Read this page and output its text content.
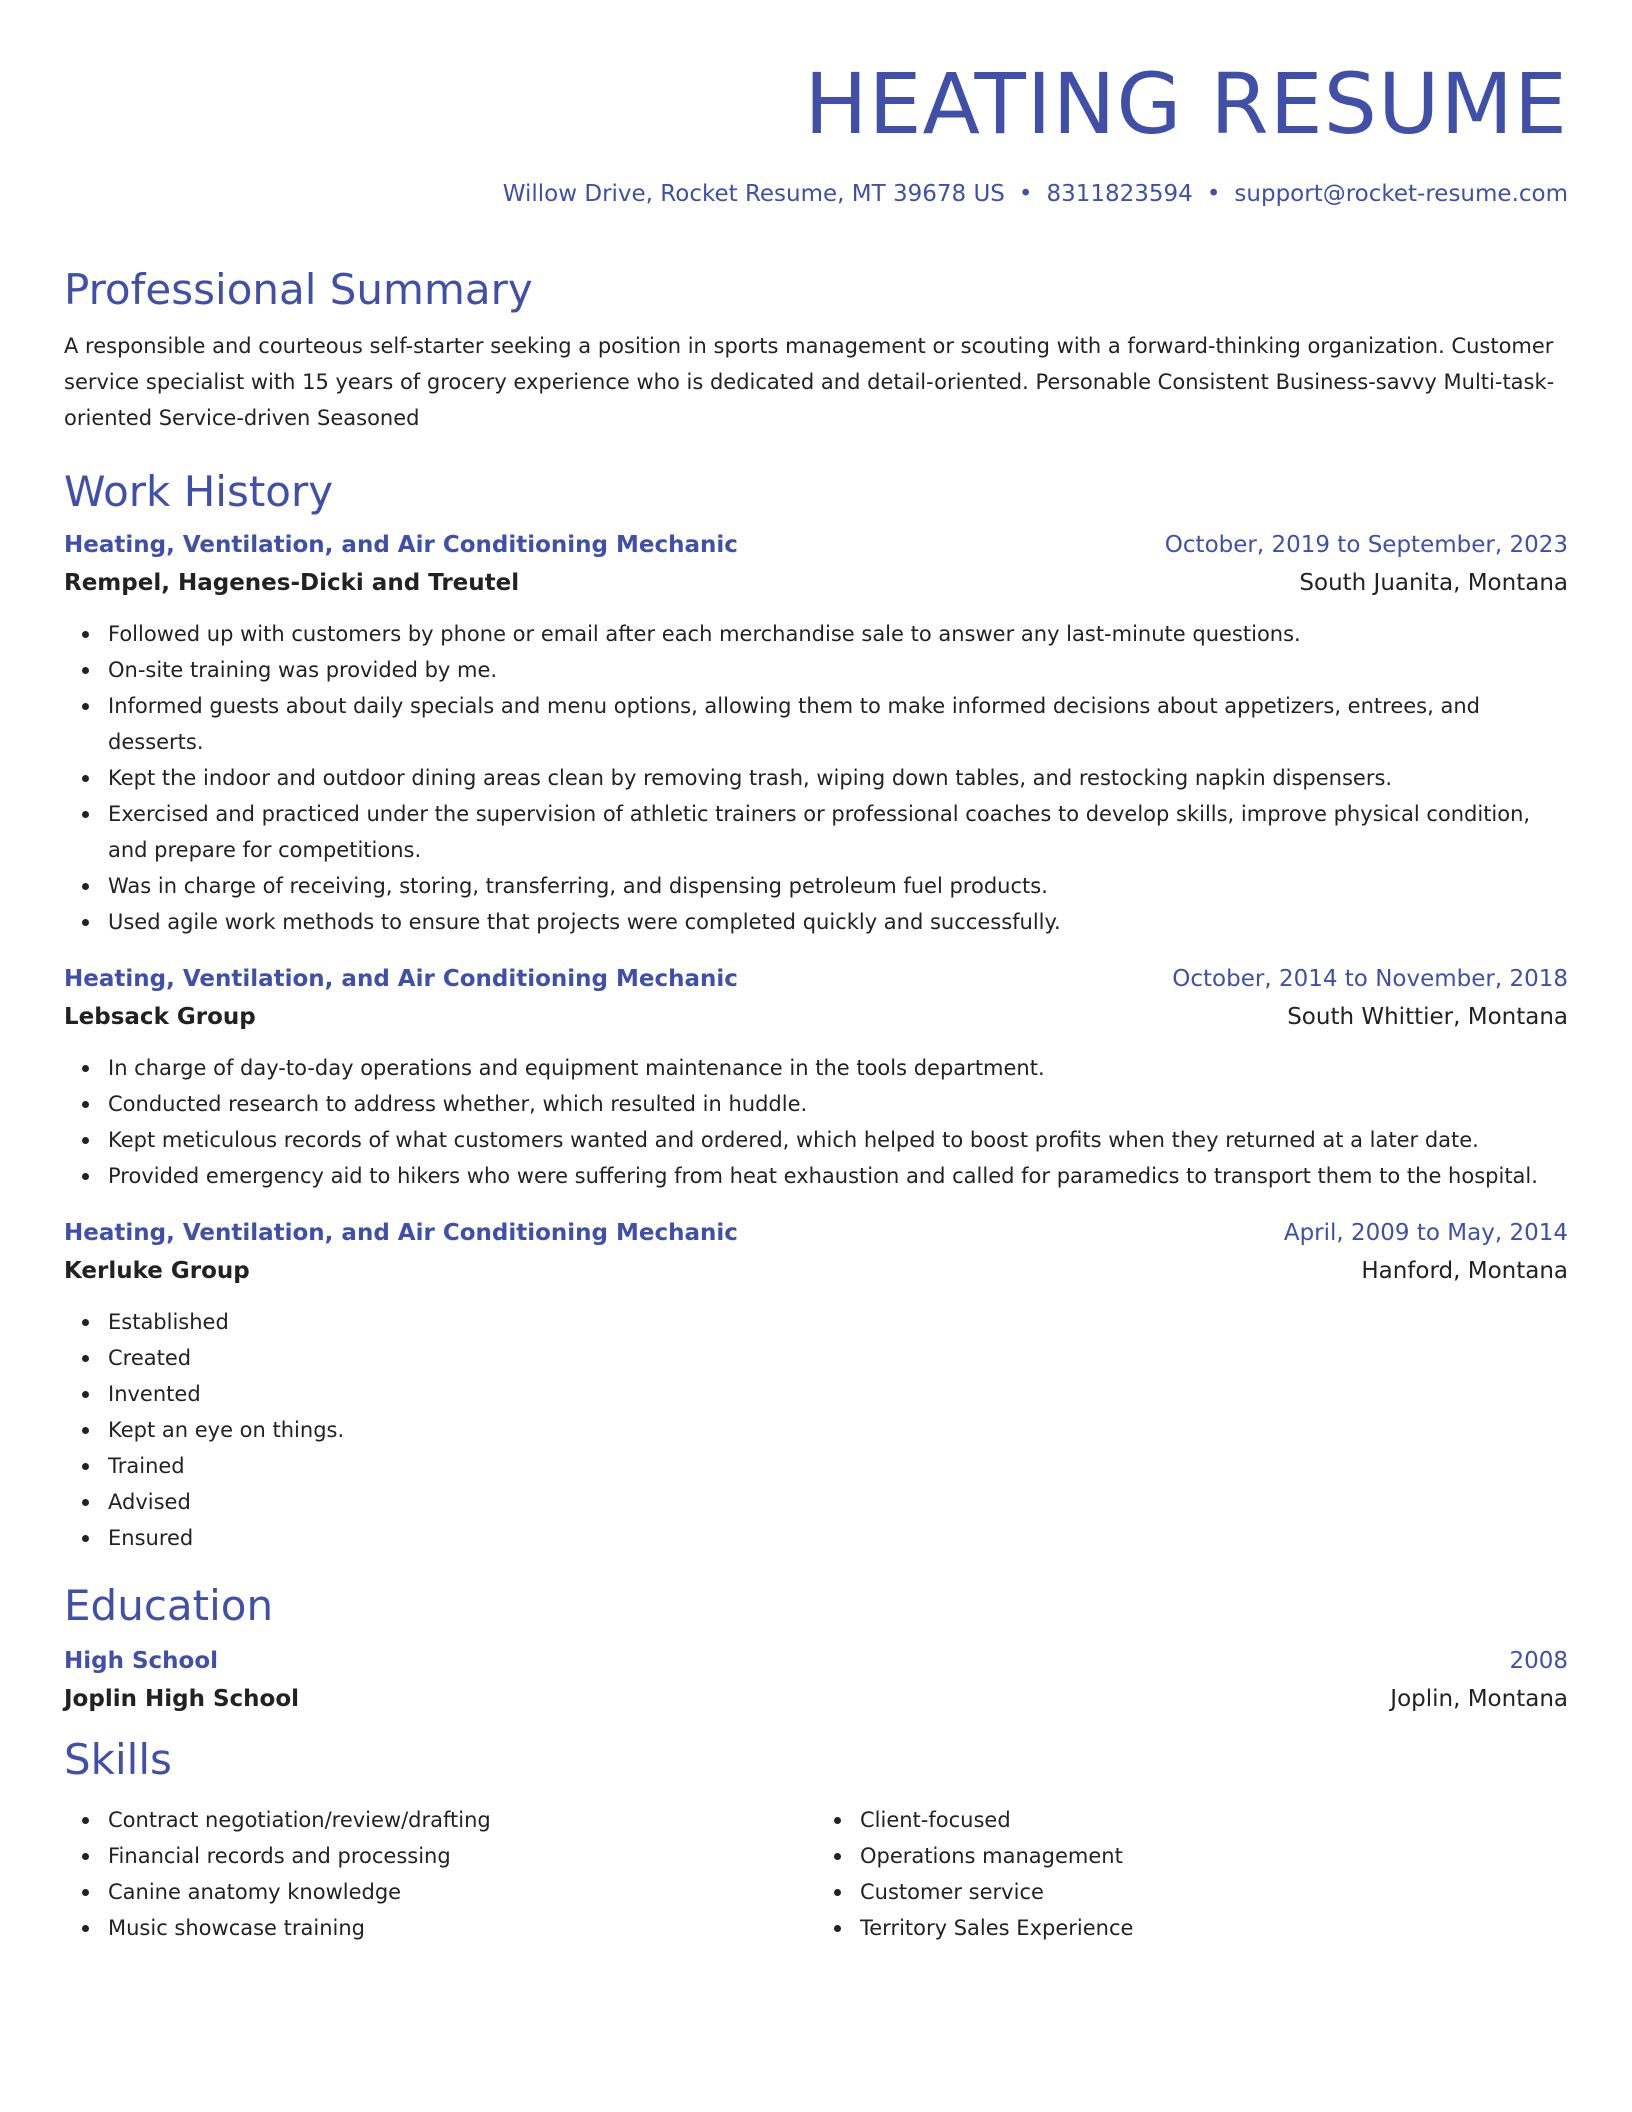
HEATING RESUME
Willow Drive, Rocket Resume, MT 39678 US • 8311823594 • support@rocket-resume.com
Professional Summary

A responsible and courteous self-starter seeking a position in sports management or scouting with a forward-thinking organization. Customer service specialist with 15 years of grocery experience who is dedicated and detail-oriented. Personable Consistent Business-savvy Multi-task-oriented Service-driven Seasoned

Work History
Heating, Ventilation, and Air Conditioning Mechanic	October, 2019 to September, 2023
Rempel, Hagenes-Dicki and Treutel	South Juanita, Montana
Followed up with customers by phone or email after each merchandise sale to answer any last-minute questions.
On-site training was provided by me.
Informed guests about daily specials and menu options, allowing them to make informed decisions about appetizers, entrees, and desserts.
Kept the indoor and outdoor dining areas clean by removing trash, wiping down tables, and restocking napkin dispensers.
Exercised and practiced under the supervision of athletic trainers or professional coaches to develop skills, improve physical condition, and prepare for competitions.
Was in charge of receiving, storing, transferring, and dispensing petroleum fuel products.
Used agile work methods to ensure that projects were completed quickly and successfully.
Heating, Ventilation, and Air Conditioning Mechanic	October, 2014 to November, 2018
Lebsack Group	South Whittier, Montana
In charge of day-to-day operations and equipment maintenance in the tools department.
Conducted research to address whether, which resulted in huddle.
Kept meticulous records of what customers wanted and ordered, which helped to boost profits when they returned at a later date.
Provided emergency aid to hikers who were suffering from heat exhaustion and called for paramedics to transport them to the hospital.
Heating, Ventilation, and Air Conditioning Mechanic	April, 2009 to May, 2014
Kerluke Group	Hanford, Montana
Established
Created
Invented
Kept an eye on things.
Trained
Advised
Ensured
Education
High School	2008
Joplin High School	Joplin, Montana
Skills
Contract negotiation/review/drafting
Financial records and processing
Canine anatomy knowledge
Music showcase training
Client-focused
Operations management
Customer service
Territory Sales Experience
